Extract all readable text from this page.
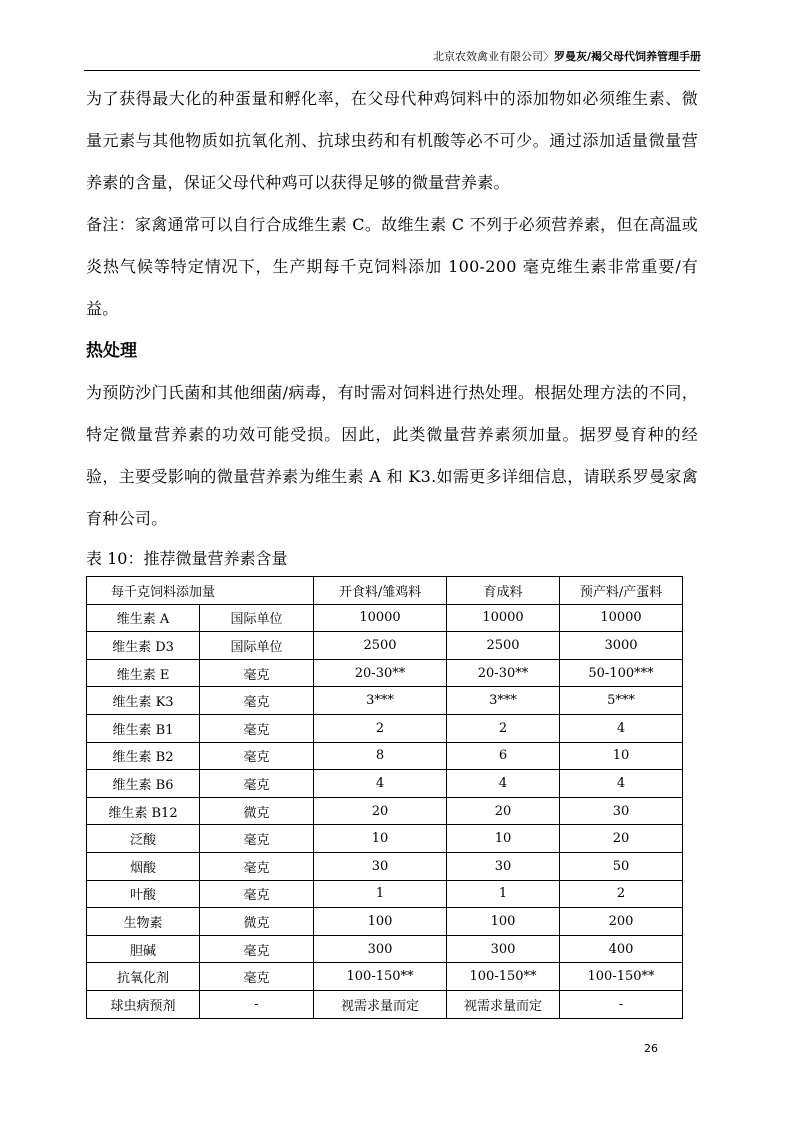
北京农效禽业有限公司〉罗曼灰/褐父母代饲养管理手册

为了获得最大化的种蛋量和孵化率，在父母代种鸡饲料中的添加物如必须维生素、微量元素与其他物质如抗氧化剂、抗球虫药和有机酸等必不可少。通过添加适量微量营养素的含量，保证父母代种鸡可以获得足够的微量营养素。

备注：家禽通常可以自行合成维生素 C。故维生素 C 不列于必须营养素，但在高温或炎热气候等特定情况下，生产期每千克饲料添加 100-200 毫克维生素非常重要/有益。

热处理

为预防沙门氏菌和其他细菌/病毒，有时需对饲料进行热处理。根据处理方法的不同，特定微量营养素的功效可能受损。因此，此类微量营养素须加量。据罗曼育种的经验，主要受影响的微量营养素为维生素 A 和 K3.如需更多详细信息，请联系罗曼家禽育种公司。

表 10：推荐微量营养素含量

每千克饲料添加量		开食料/雏鸡料	育成料	预产料/产蛋料
维生素 A	国际单位	10000	10000	10000
维生素 D3	国际单位	2500	2500	3000
维生素 E	毫克	20-30**	20-30**	50-100***
维生素 K3	毫克	3***	3***	5***
维生素 B1	毫克	2	2	4
维生素 B2	毫克	8	6	10
维生素 B6	毫克	4	4	4
维生素 B12	微克	20	20	30
泛酸	毫克	10	10	20
烟酸	毫克	30	30	50
叶酸	毫克	1	1	2
生物素	微克	100	100	200
胆碱	毫克	300	300	400
抗氧化剂	毫克	100-150**	100-150**	100-150**
球虫病预剂	-	视需求量而定	视需求量而定	-
26
